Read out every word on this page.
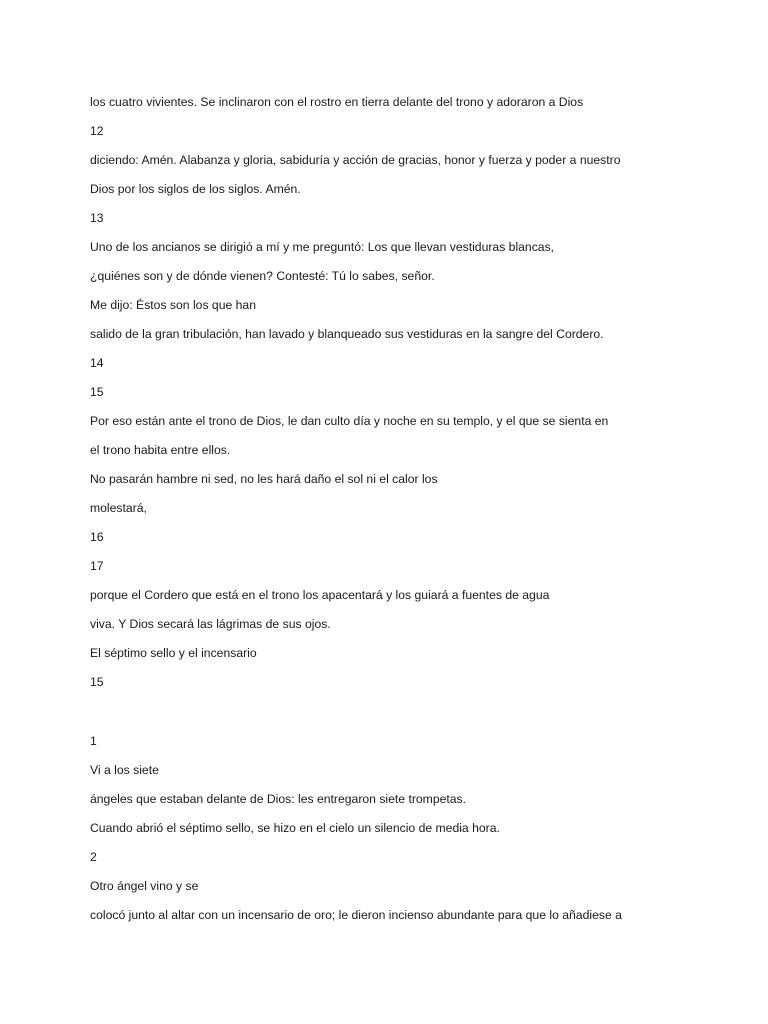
los cuatro vivientes. Se inclinaron con el rostro en tierra delante del trono y adoraron a Dios
12
diciendo: Amén. Alabanza y gloria, sabiduría y acción de gracias, honor y fuerza y poder a nuestro
Dios por los siglos de los siglos. Amén.
13
Uno de los ancianos se dirigió a mí y me preguntó: Los que llevan vestiduras blancas,
¿quiénes son y de dónde vienen? Contesté: Tú lo sabes, señor.
Me dijo: Éstos son los que han
salido de la gran tribulación, han lavado y blanqueado sus vestiduras en la sangre del Cordero.
14
15
Por eso están ante el trono de Dios, le dan culto día y noche en su templo, y el que se sienta en
el trono habita entre ellos.
No pasarán hambre ni sed, no les hará daño el sol ni el calor los
molestará,
16
17
porque el Cordero que está en el trono los apacentará y los guiará a fuentes de agua
viva. Y Dios secará las lágrimas de sus ojos.
El séptimo sello y el incensario
15
1
Vi a los siete
ángeles que estaban delante de Dios: les entregaron siete trompetas.
Cuando abrió el séptimo sello, se hizo en el cielo un silencio de media hora.
2
Otro ángel vino y se
colocó junto al altar con un incensario de oro; le dieron incienso abundante para que lo añadiese a
